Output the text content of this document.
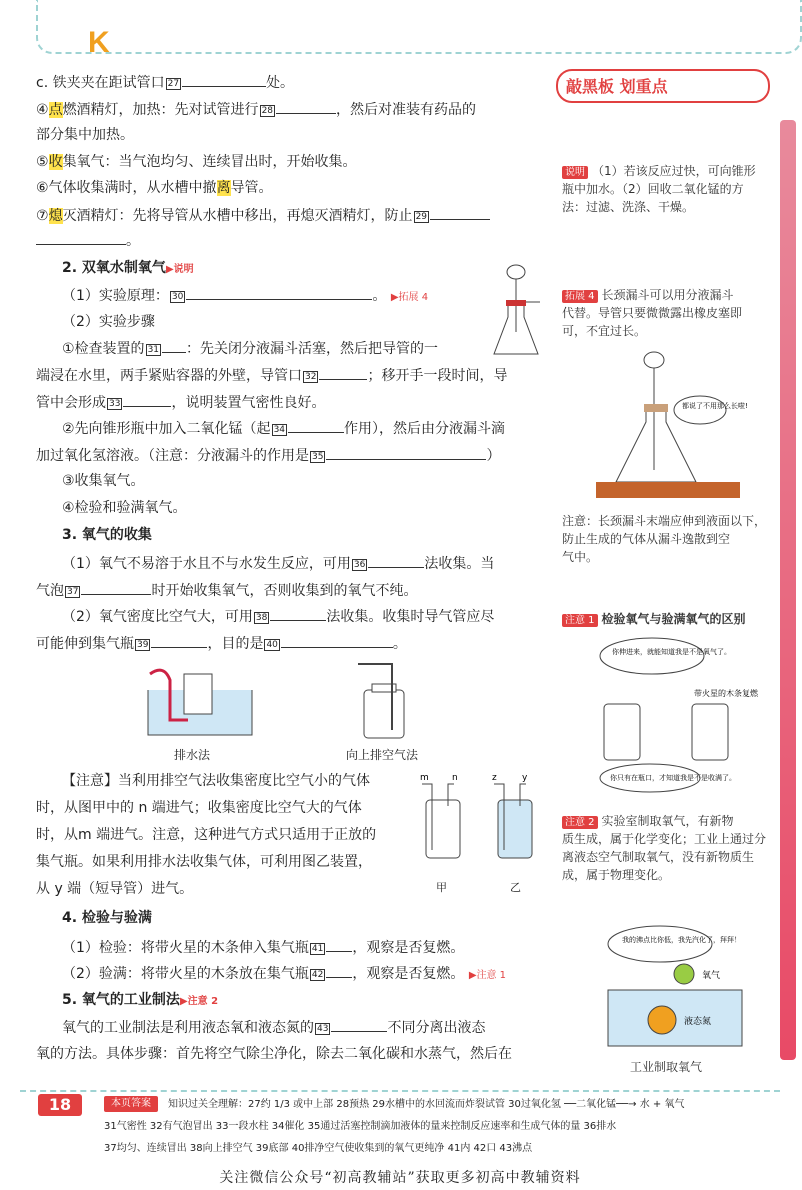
K
c. 铁夹夹在距试管口 27	处。
④点燃酒精灯，加热：先对试管进行 28	，然后对准装有药品的
部分集中加热。
⑤收集氧气：当气泡均匀、连续冒出时，开始收集。
⑥气体收集满时，从水槽中撤离导管。
⑦熄灭酒精灯：先将导管从水槽中移出，再熄灭酒精灯，防止 29
。
2. 双氧水制氧气▶说明
（1）实验原理： 30	。 ▶拓展 4
（2）实验步骤
①检查装置的 31 ：先关闭分液漏斗活塞，然后把导管的一
端浸在水里，两手紧贴容器的外壁，导管口 32	；移开手一段时间，导
管中会形成 33	，说明装置气密性良好。
②先向锥形瓶中加入二氧化锰（起 34	作用），然后由分液漏斗滴
加过氧化氢溶液。（注意：分液漏斗的作用是 35	）
③收集氧气。
④检验和验满氧气。
3. 氧气的收集
（1）氧气不易溶于水且不与水发生反应，可用 36	法收集。当
气泡 37	时开始收集氧气，否则收集到的氧气不纯。
（2）氧气密度比空气大，可用 38	法收集。收集时导气管应尽
可能伸到集气瓶 39	，目的是 40	。
排水法	向上排空气法
【注意】当利用排空气法收集密度比空气小的气体
时，从图甲中的 n 端进气；收集密度比空气大的气体
时，从m 端进气。注意，这种进气方式只适用于正放的
集气瓶。如果利用排水法收集气体，可利用图乙装置，
从 y 端（短导管）进气。
m	n	z	y
甲	乙
4. 检验与验满
（1）检验：将带火星的木条伸入集气瓶 41 ，观察是否复燃。
（2）验满：将带火星的木条放在集气瓶 42 ，观察是否复燃。 ▶注意 1
5. 氧气的工业制法▶注意 2
氧气的工业制法是利用液态氧和液态氮的 43	不同分离出液态
氧的方法。具体步骤：首先将空气除尘净化，除去二氧化碳和水蒸气，然后在
敲黑板 划重点
说明 （1）若该反应过快，可向锥形
瓶中加水。（2）回收二氧化锰的方
法：过滤、洗涤、干燥。
拓展 4 长颈漏斗可以用分液漏斗
代替。导管只要微微露出橡皮塞即
可，不宜过长。
都说了不用那么长啦!
注意：长颈漏斗末端应伸到液面以下，
防止生成的气体从漏斗逸散到空
气中。
注意 1 检验氧气与验满氧气的区别
你伸进来，就能知道我是不是氧气了。
带火星的木条复燃
你只有在瓶口，才知道我是不是收满了。
注意 2 实验室制取氧气，有新物
质生成，属于化学变化；工业上通过分
离液态空气制取氧气，没有新物质生
成，属于物理变化。
我的沸点比你低，我先汽化了，拜拜！
氧气
液态氮
工业制取氧气
18	本页答案	知识过关全理解：27约 1/3 或中上部 28预热 29水槽中的水回流而炸裂试管 30过氧化氢 ──二氧化锰──→ 水 + 氧气
31气密性 32有气泡冒出 33一段水柱 34催化 35通过活塞控制滴加液体的量来控制反应速率和生成气体的量 36排水
37均匀、连续冒出 38向上排空气 39底部 40排净空气使收集到的氧气更纯净 41内 42口 43沸点
关注微信公众号“初高教辅站”获取更多初高中教辅资料
